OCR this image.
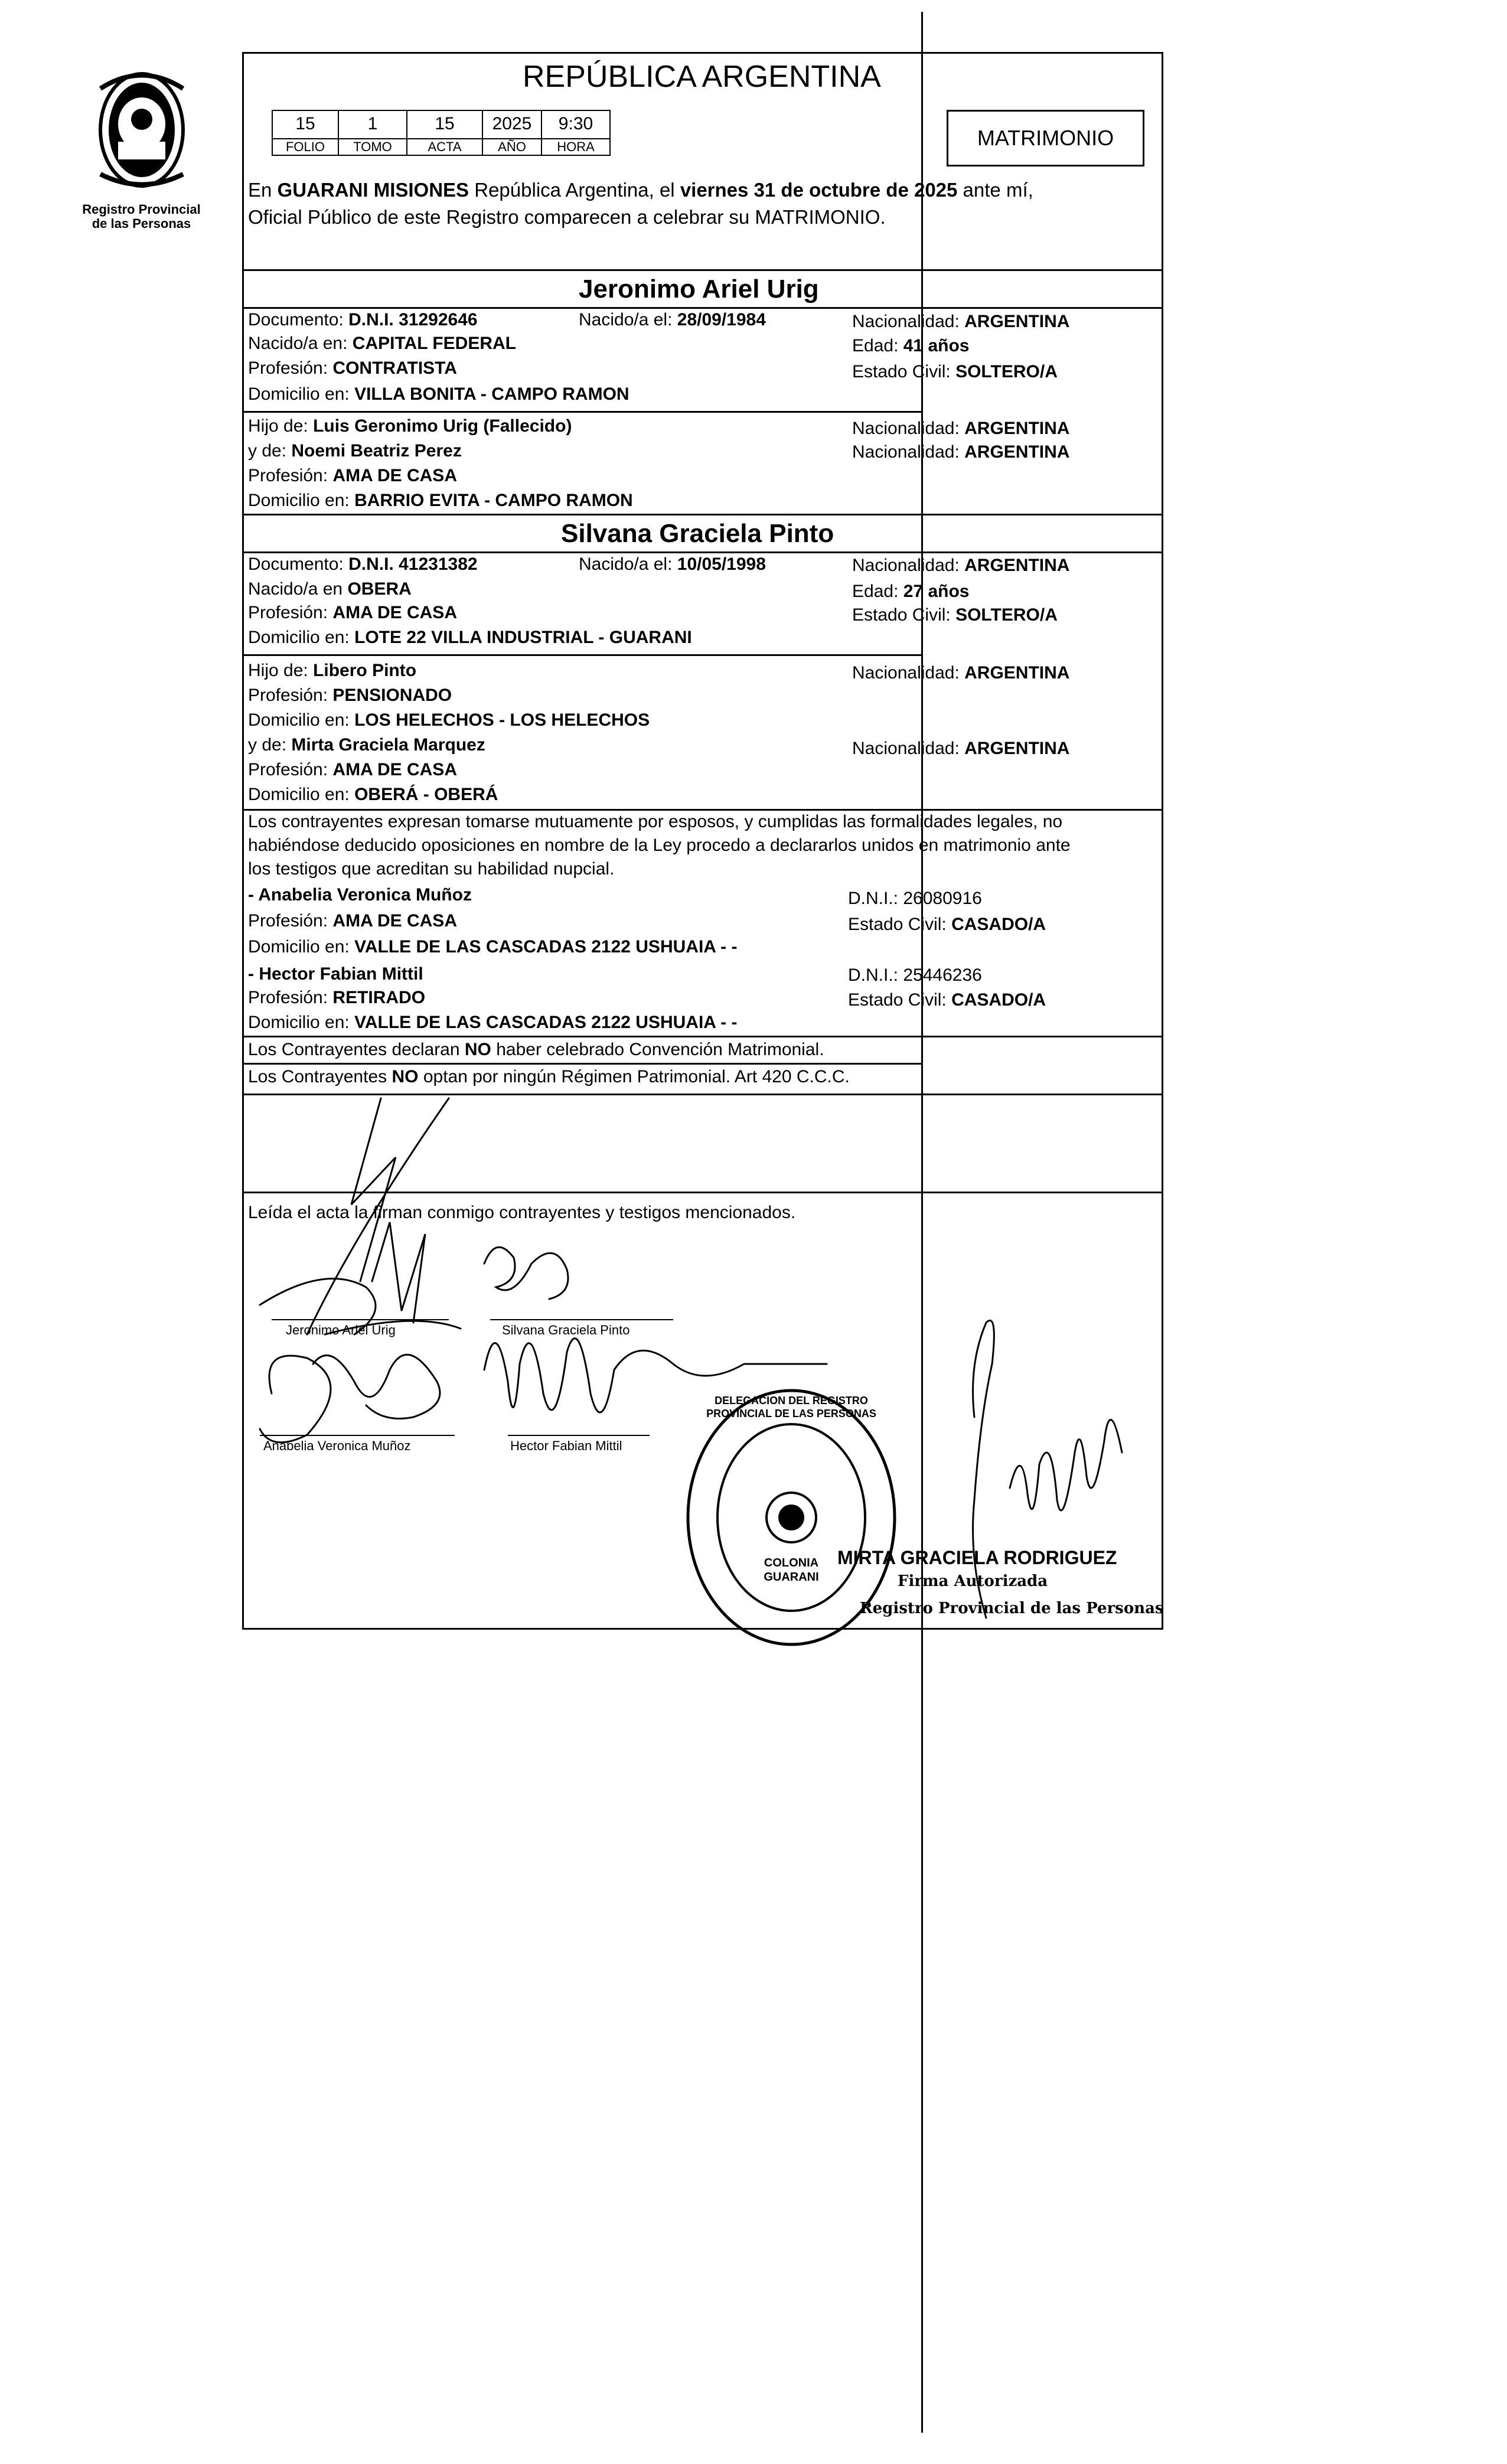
Registro Provincial
de las Personas
REPÚBLICA ARGENTINA
15	1	15	2025	9:30
FOLIO	TOMO	ACTA	AÑO	HORA	MATRIMONIO
En GUARANI MISIONES República Argentina, el viernes 31 de octubre de 2025 ante mí,
Oficial Público de este Registro comparecen a celebrar su MATRIMONIO.
Jeronimo Ariel Urig
Documento: D.N.I. 31292646	Nacido/a el: 28/09/1984	Nacionalidad: ARGENTINA
Nacido/a en: CAPITAL FEDERAL	Edad: 41 años
Profesión: CONTRATISTA	Estado Civil: SOLTERO/A
Domicilio en: VILLA BONITA - CAMPO RAMON
Hijo de: Luis Geronimo Urig (Fallecido)	Nacionalidad: ARGENTINA
y de: Noemi Beatriz Perez	Nacionalidad: ARGENTINA
Profesión: AMA DE CASA
Domicilio en: BARRIO EVITA - CAMPO RAMON
Silvana Graciela Pinto
Documento: D.N.I. 41231382	Nacido/a el: 10/05/1998	Nacionalidad: ARGENTINA
Nacido/a en OBERA	Edad: 27 años
Profesión: AMA DE CASA	Estado Civil: SOLTERO/A
Domicilio en: LOTE 22 VILLA INDUSTRIAL - GUARANI
Hijo de: Libero Pinto	Nacionalidad: ARGENTINA
Profesión: PENSIONADO
Domicilio en: LOS HELECHOS - LOS HELECHOS
y de: Mirta Graciela Marquez	Nacionalidad: ARGENTINA
Profesión: AMA DE CASA
Domicilio en: OBERÁ - OBERÁ
Los contrayentes expresan tomarse mutuamente por esposos, y cumplidas las formalidades legales, no
habiéndose deducido oposiciones en nombre de la Ley procedo a declararlos unidos en matrimonio ante
los testigos que acreditan su habilidad nupcial.
- Anabelia Veronica Muñoz	D.N.I.: 26080916
Profesión: AMA DE CASA	Estado Civil: CASADO/A
Domicilio en: VALLE DE LAS CASCADAS 2122 USHUAIA - -
- Hector Fabian Mittil	D.N.I.: 25446236
Profesión: RETIRADO	Estado Civil: CASADO/A
Domicilio en: VALLE DE LAS CASCADAS 2122 USHUAIA - -
Los Contrayentes declaran NO haber celebrado Convención Matrimonial.
Los Contrayentes NO optan por ningún Régimen Patrimonial. Art 420 C.C.C.
Leída el acta la firman conmigo contrayentes y testigos mencionados.
Jeronimo Ariel Urig	Silvana Graciela Pinto
Anabelia Veronica Muñoz	Hector Fabian Mittil
DELEGACION DEL REGISTRO PROVINCIAL DE LAS PERSONAS
COLONIA GUARANI
MIRTA GRACIELA RODRIGUEZ
Firma Autorizada
Registro Provincial de las Personas
